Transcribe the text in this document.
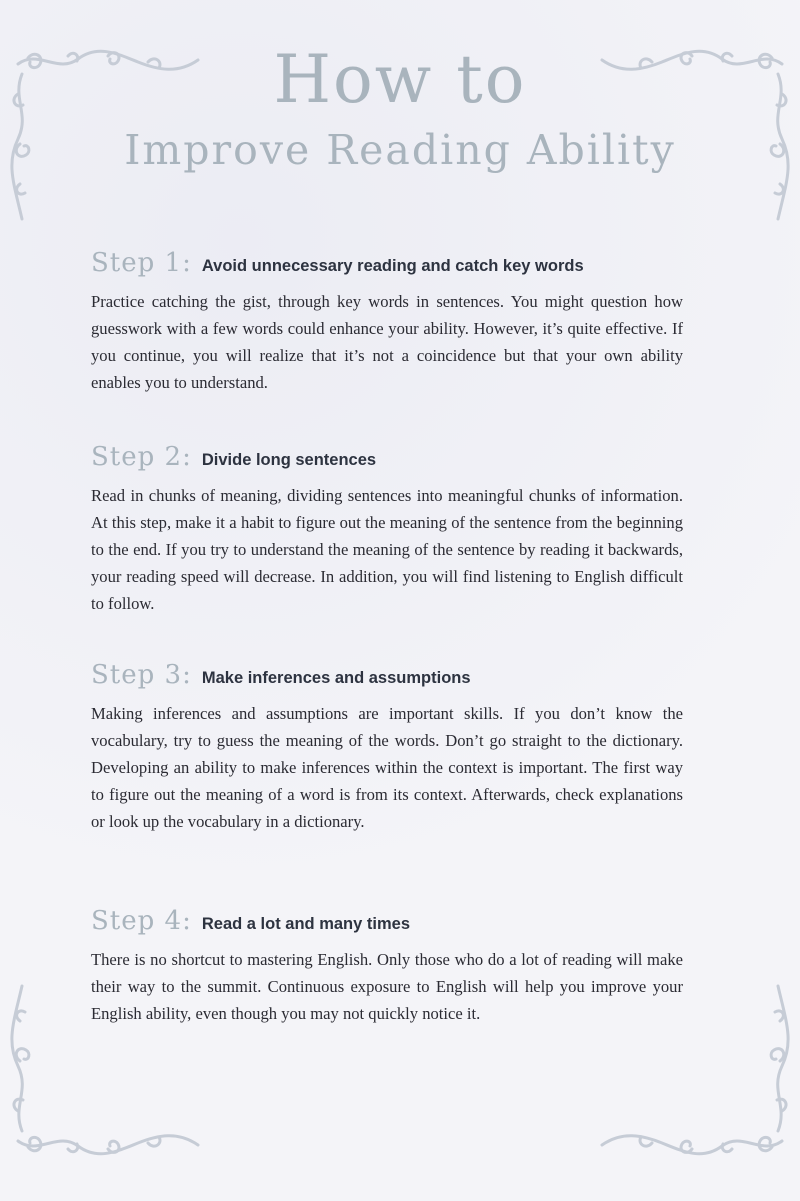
How to
Improve Reading Ability
Step 1: Avoid unnecessary reading and catch key words

Practice catching the gist, through key words in sentences. You might question how guesswork with a few words could enhance your ability. However, it’s quite effective. If you continue, you will realize that it’s not a coincidence but that your own ability enables you to understand.

Step 2: Divide long sentences

Read in chunks of meaning, dividing sentences into meaningful chunks of information. At this step, make it a habit to figure out the meaning of the sentence from the beginning to the end. If you try to understand the meaning of the sentence by reading it backwards, your reading speed will decrease. In addition, you will find listening to English difficult to follow.

Step 3: Make inferences and assumptions

Making inferences and assumptions are important skills. If you don’t know the vocabulary, try to guess the meaning of the words. Don’t go straight to the dictionary. Developing an ability to make inferences within the context is important. The first way to figure out the meaning of a word is from its context. Afterwards, check explanations or look up the vocabulary in a dictionary.

Step 4: Read a lot and many times

There is no shortcut to mastering English. Only those who do a lot of reading will make their way to the summit. Continuous exposure to English will help you improve your English ability, even though you may not quickly notice it.
